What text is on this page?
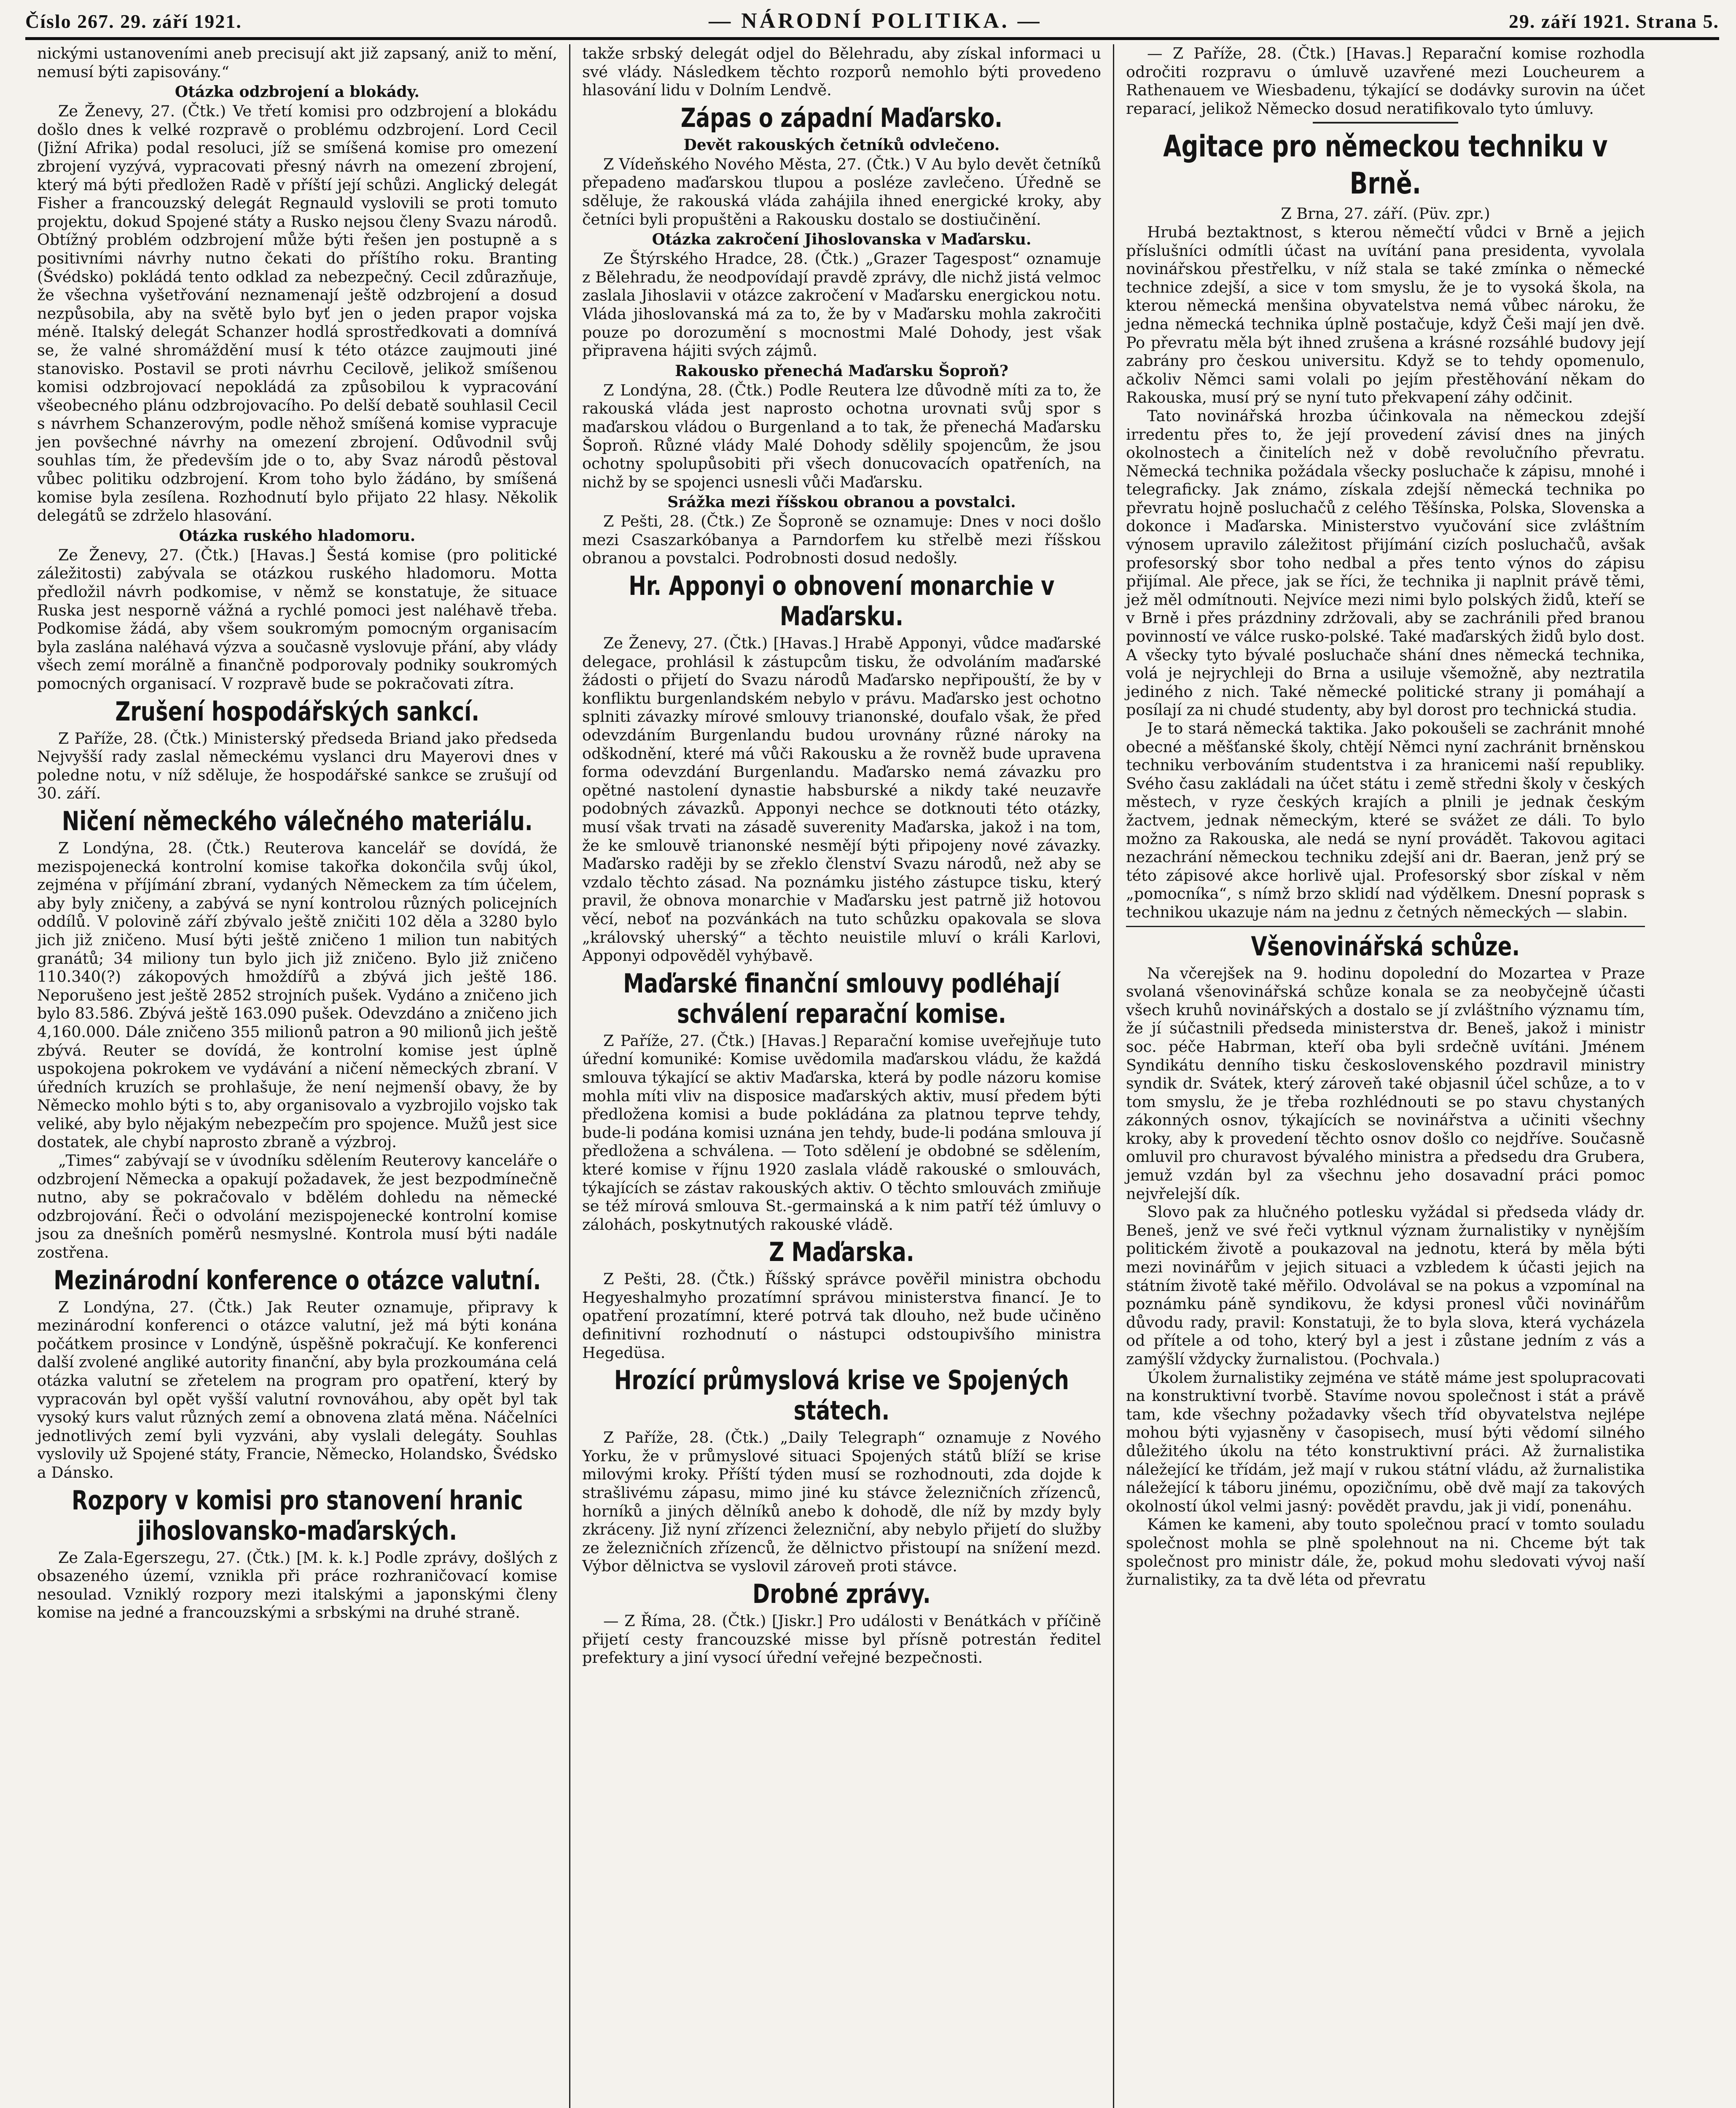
Číslo 267. 29. září 1921.	— NÁRODNÍ POLITIKA. —	29. září 1921. Strana 5.

nickými ustanoveními aneb precisují akt již zapsaný, aniž to mění, nemusí býti zapisovány.“

Otázka odzbrojení a blokády.

Ze Ženevy, 27. (Čtk.) Ve třetí komisi pro odzbrojení a blokádu došlo dnes k velké rozpravě o problému odzbrojení. Lord Cecil (Jižní Afrika) podal resoluci, jíž se smíšená komise pro omezení zbrojení vyzývá, vypracovati přesný návrh na omezení zbrojení, který má býti předložen Radě v příští její schůzi. Anglický delegát Fisher a francouzský delegát Regnauld vyslovili se proti tomuto projektu, dokud Spojené státy a Rusko nejsou členy Svazu národů. Obtížný problém odzbrojení může býti řešen jen postupně a s positivními návrhy nutno čekati do příštího roku. Branting (Švédsko) pokládá tento odklad za nebezpečný. Cecil zdůrazňuje, že všechna vyšetřování neznamenají ještě odzbrojení a dosud nezpůsobila, aby na světě bylo byť jen o jeden prapor vojska méně. Italský delegát Schanzer hodlá sprostředkovati a domnívá se, že valné shromáždění musí k této otázce zaujmouti jiné stanovisko. Postavil se proti návrhu Cecilově, jelikož smíšenou komisi odzbrojovací nepokládá za způsobilou k vypracování všeobecného plánu odzbrojovacího. Po delší debatě souhlasil Cecil s návrhem Schanzerovým, podle něhož smíšená komise vypracuje jen povšechné návrhy na omezení zbrojení. Odůvodnil svůj souhlas tím, že především jde o to, aby Svaz národů pěstoval vůbec politiku odzbrojení. Krom toho bylo žádáno, by smíšená komise byla zesílena. Rozhodnutí bylo přijato 22 hlasy. Několik delegátů se zdrželo hlasování.

Otázka ruského hladomoru.

Ze Ženevy, 27. (Čtk.) [Havas.] Šestá komise (pro politické záležitosti) zabývala se otázkou ruského hladomoru. Motta předložil návrh podkomise, v němž se konstatuje, že situace Ruska jest nesporně vážná a rychlé pomoci jest naléhavě třeba. Podkomise žádá, aby všem soukromým pomocným organisacím byla zaslána naléhavá výzva a současně vyslovuje přání, aby vlády všech zemí morálně a finančně podporovaly podniky soukromých pomocných organisací. V rozpravě bude se pokračovati zítra.

Zrušení hospodářských sankcí.

Z Paříže, 28. (Čtk.) Ministerský předseda Briand jako předseda Nejvyšší rady zaslal německému vyslanci dru Mayerovi dnes v poledne notu, v níž sděluje, že hospodářské sankce se zrušují od 30. září.

Ničení německého válečného materiálu.

Z Londýna, 28. (Čtk.) Reuterova kancelář se dovídá, že mezispojenecká kontrolní komise takořka dokončila svůj úkol, zejména v příjímání zbraní, vydaných Německem za tím účelem, aby byly zničeny, a zabývá se nyní kontrolou různých policejních oddílů. V polovině září zbývalo ještě zničiti 102 děla a 3280 bylo jich již zničeno. Musí býti ještě zničeno 1 milion tun nabitých granátů; 34 miliony tun bylo jich již zničeno. Bylo již zničeno 110.340(?) zákopových hmoždířů a zbývá jich ještě 186. Neporušeno jest ještě 2852 strojních pušek. Vydáno a zničeno jich bylo 83.586. Zbývá ještě 163.090 pušek. Odevzdáno a zničeno jich 4,160.000. Dále zničeno 355 milionů patron a 90 milionů jich ještě zbývá. Reuter se dovídá, že kontrolní komise jest úplně uspokojena pokrokem ve vydávání a ničení německých zbraní. V úředních kruzích se prohlašuje, že není nejmenší obavy, že by Německo mohlo býti s to, aby organisovalo a vyzbrojilo vojsko tak veliké, aby bylo nějakým nebezpečím pro spojence. Mužů jest sice dostatek, ale chybí naprosto zbraně a výzbroj.

„Times“ zabývají se v úvodníku sdělením Reuterovy kanceláře o odzbrojení Německa a opakují požadavek, že jest bezpodmínečně nutno, aby se pokračovalo v bdělém dohledu na německé odzbrojování. Řeči o odvolání mezispojenecké kontrolní komise jsou za dnešních poměrů nesmyslné. Kontrola musí býti nadále zostřena.

Mezinárodní konference o otázce valutní.

Z Londýna, 27. (Čtk.) Jak Reuter oznamuje, připravy k mezinárodní konferenci o otázce valutní, jež má býti konána počátkem prosince v Londýně, úspěšně pokračují. Ke konferenci další zvolené angliké autority finanční, aby byla prozkoumána celá otázka valutní se zřetelem na program pro opatření, který by vypracován byl opět vyšší valutní rovnováhou, aby opět byl tak vysoký kurs valut různých zemí a obnovena zlatá měna. Náčelníci jednotlivých zemí byli vyzváni, aby vyslali delegáty. Souhlas vyslovily už Spojené státy, Francie, Německo, Holandsko, Švédsko a Dánsko.

Rozpory v komisi pro stanovení hranic jihoslovansko-maďarských.

Ze Zala-Egerszegu, 27. (Čtk.) [M. k. k.] Podle zprávy, došlých z obsazeného území, vznikla při práce rozhraničovací komise nesoulad. Vzniklý rozpory mezi italskými a japonskými členy komise na jedné a francouzskými a srbskými na druhé straně.

takže srbský delegát odjel do Bělehradu, aby získal informaci u své vlády. Následkem těchto rozporů nemohlo býti provedeno hlasování lidu v Dolním Lendvě.

Zápas o západní Maďarsko.
Devět rakouských četníků odvlečeno.

Z Vídeňského Nového Města, 27. (Čtk.) V Au bylo devět četníků přepadeno maďarskou tlupou a posléze zavlečeno. Úředně se sděluje, že rakouská vláda zahájila ihned energické kroky, aby četníci byli propuštěni a Rakousku dostalo se dostiučinění.

Otázka zakročení Jihoslovanska v Maďarsku.

Ze Štýrského Hradce, 28. (Čtk.) „Grazer Tagespost“ oznamuje z Bělehradu, že neodpovídají pravdě zprávy, dle nichž jistá velmoc zaslala Jihoslavii v otázce zakročení v Maďarsku energickou notu. Vláda jihoslovanská má za to, že by v Maďarsku mohla zakročiti pouze po dorozumění s mocnostmi Malé Dohody, jest však připravena hájiti svých zájmů.

Rakousko přenechá Maďarsku Šoproň?

Z Londýna, 28. (Čtk.) Podle Reutera lze důvodně míti za to, že rakouská vláda jest naprosto ochotna urovnati svůj spor s maďarskou vládou o Burgenland a to tak, že přenechá Maďarsku Šoproň. Různé vlády Malé Dohody sdělily spojencům, že jsou ochotny spolupůsobiti při všech donucovacích opatřeních, na nichž by se spojenci usnesli vůči Maďarsku.

Srážka mezi říšskou obranou a povstalci.

Z Pešti, 28. (Čtk.) Ze Šoproně se oznamuje: Dnes v noci došlo mezi Csaszarkóbanya a Parndorfem ku střelbě mezi říšskou obranou a povstalci. Podrobnosti dosud nedošly.

Hr. Apponyi o obnovení monarchie v Maďarsku.

Ze Ženevy, 27. (Čtk.) [Havas.] Hrabě Apponyi, vůdce maďarské delegace, prohlásil k zástupcům tisku, že odvoláním maďarské žádosti o přijetí do Svazu národů Maďarsko nepřipouští, že by v konfliktu burgenlandském nebylo v právu. Maďarsko jest ochotno splniti závazky mírové smlouvy trianonské, doufalo však, že před odevzdáním Burgenlandu budou urovnány různé nároky na odškodnění, které má vůči Rakousku a že rovněž bude upravena forma odevzdání Burgenlandu. Maďarsko nemá závazku pro opětné nastolení dynastie habsburské a nikdy také neuzavře podobných závazků. Apponyi nechce se dotknouti této otázky, musí však trvati na zásadě suverenity Maďarska, jakož i na tom, že ke smlouvě trianonské nesmějí býti připojeny nové závazky. Maďarsko raději by se zřeklo členství Svazu národů, než aby se vzdalo těchto zásad. Na poznámku jistého zástupce tisku, který pravil, že obnova monarchie v Maďarsku jest patrně již hotovou věcí, neboť na pozvánkách na tuto schůzku opakovala se slova „královský uherský“ a těchto neuistile mluví o králi Karlovi, Apponyi odpověděl vyhýbavě.

Maďarské finanční smlouvy podléhají schválení reparační komise.

Z Paříže, 27. (Čtk.) [Havas.] Reparační komise uveřejňuje tuto úřední komuniké: Komise uvědomila maďarskou vládu, že každá smlouva týkající se aktiv Maďarska, která by podle názoru komise mohla míti vliv na disposice maďarských aktiv, musí předem býti předložena komisi a bude pokládána za platnou teprve tehdy, bude-li podána komisi uznána jen tehdy, bude-li podána smlouva jí předložena a schválena. — Toto sdělení je obdobné se sdělením, které komise v říjnu 1920 zaslala vládě rakouské o smlouvách, týkajících se zástav rakouských aktiv. O těchto smlouvách zmiňuje se též mírová smlouva St.-germainská a k nim patří též úmluvy o zálohách, poskytnutých rakouské vládě.

Z Maďarska.

Z Pešti, 28. (Čtk.) Říšský správce pověřil ministra obchodu Hegyeshalmyho prozatímní správou ministerstva financí. Je to opatření prozatímní, které potrvá tak dlouho, než bude učiněno definitivní rozhodnutí o nástupci odstoupivšího ministra Hegedüsa.

Hrozící průmyslová krise ve Spojených státech.

Z Paříže, 28. (Čtk.) „Daily Telegraph“ oznamuje z Nového Yorku, že v průmyslové situaci Spojených států blíží se krise milovými kroky. Příští týden musí se rozhodnouti, zda dojde k strašlivému zápasu, mimo jiné ku stávce železničních zřízenců, horníků a jiných dělníků anebo k dohodě, dle níž by mzdy byly zkráceny. Již nyní zřízenci železniční, aby nebylo přijetí do služby ze železničních zřízenců, že dělnictvo přistoupí na snížení mezd. Výbor dělnictva se vyslovil zároveň proti stávce.

Drobné zprávy.

— Z Říma, 28. (Čtk.) [Jiskr.] Pro události v Benátkách v příčině přijetí cesty francouzské misse byl přísně potrestán ředitel prefektury a jiní vysocí úřední veřejné bezpečnosti.

— Z Paříže, 28. (Čtk.) [Havas.] Reparační komise rozhodla odročiti rozpravu o úmluvě uzavřené mezi Loucheurem a Rathenauem ve Wiesbadenu, týkající se dodávky surovin na účet reparací, jelikož Německo dosud neratifikovalo tyto úmluvy.

Agitace pro německou techniku v Brně.

Z Brna, 27. září. (Püv. zpr.)

Hrubá beztaktnost, s kterou němečtí vůdci v Brně a jejich příslušníci odmítli účast na uvítání pana presidenta, vyvolala novinářskou přestřelku, v níž stala se také zmínka o německé technice zdejší, a sice v tom smyslu, že je to vysoká škola, na kterou německá menšina obyvatelstva nemá vůbec nároku, že jedna německá technika úplně postačuje, když Češi mají jen dvě. Po převratu měla být ihned zrušena a krásné rozsáhlé budovy její zabrány pro českou universitu. Když se to tehdy opomenulo, ačkoliv Němci sami volali po jejím přestěhování někam do Rakouska, musí prý se nyní tuto překvapení záhy odčinit.

Tato novinářská hrozba účinkovala na německou zdejší irredentu přes to, že její provedení závisí dnes na jiných okolnostech a činitelích než v době revolučního převratu. Německá technika požádala všecky posluchače k zápisu, mnohé i telegraficky. Jak známo, získala zdejší německá technika po převratu hojně posluchačů z celého Těšínska, Polska, Slovenska a dokonce i Maďarska. Ministerstvo vyučování sice zvláštním výnosem upravilo záležitost přijímání cizích posluchačů, avšak profesorský sbor toho nedbal a přes tento výnos do zápisu přijímal. Ale přece, jak se říci, že technika ji naplnit právě těmi, jež měl odmítnouti. Nejvíce mezi nimi bylo polských židů, kteří se v Brně i přes prázdniny zdržovali, aby se zachránili před branou povinností ve válce rusko-polské. Také maďarských židů bylo dost. A všecky tyto bývalé posluchače shání dnes německá technika, volá je nejrychleji do Brna a usiluje všemožně, aby neztratila jediného z nich. Také německé politické strany ji pomáhají a posílají za ni chudé studenty, aby byl dorost pro technická studia.

Je to stará německá taktika. Jako pokoušeli se zachránit mnohé obecné a měšťanské školy, chtějí Němci nyní zachránit brněnskou techniku verbováním studentstva i za hranicemi naší republiky. Svého času zakládali na účet státu i země středni školy v českých městech, v ryze českých krajích a plnili je jednak českým žactvem, jednak německým, které se svážet ze dáli. To bylo možno za Rakouska, ale nedá se nyní provádět. Takovou agitaci nezachrání německou techniku zdejší ani dr. Baeran, jenž prý se této zápisové akce horlivě ujal. Profesorský sbor získal v něm „pomocníka“, s nímž brzo sklidí nad výdělkem. Dnesní poprask s technikou ukazuje nám na jednu z četných německých — slabin.

Všenovinářská schůze.

Na včerejšek na 9. hodinu dopolední do Mozartea v Praze svolaná všenovinářská schůze konala se za neobyčejně účasti všech kruhů novinářských a dostalo se jí zvláštního významu tím, že jí súčastnili předseda ministerstva dr. Beneš, jakož i ministr soc. péče Habrman, kteří oba byli srdečně uvítáni. Jménem Syndikátu denního tisku československého pozdravil ministry syndik dr. Svátek, který zároveň také objasnil účel schůze, a to v tom smyslu, že je třeba rozhlédnouti se po stavu chystaných zákonných osnov, týkajících se novinářstva a učiniti všechny kroky, aby k provedení těchto osnov došlo co nejdříve. Současně omluvil pro churavost bývalého ministra a předsedu dra Grubera, jemuž vzdán byl za všechnu jeho dosavadní práci pomoc nejvřelejší dík.

Slovo pak za hlučného potlesku vyžádal si předseda vlády dr. Beneš, jenž ve své řeči vytknul význam žurnalistiky v nynějším politickém životě a poukazoval na jednotu, která by měla býti mezi novinářům v jejich situaci a vzbledem k účasti jejich na státním životě také měřilo. Odvolával se na pokus a vzpomínal na poznámku páně syndikovu, že kdysi pronesl vůči novinářům důvodu rady, pravil: Konstatuji, že to byla slova, která vycházela od přítele a od toho, který byl a jest i zůstane jedním z vás a zamýšlí vždycky žurnalistou. (Pochvala.)

Úkolem žurnalistiky zejména ve státě máme jest spolupracovati na konstruktivní tvorbě. Stavíme novou společnost i stát a právě tam, kde všechny požadavky všech tříd obyvatelstva nejlépe mohou býti vyjasněny v časopisech, musí býti vědomí silného důležitého úkolu na této konstruktivní práci. Až žurnalistika náležející ke třídám, jež mají v rukou státní vládu, až žurnalistika náležející k táboru jinému, opozičnímu, obě dvě mají za takových okolností úkol velmi jasný: povědět pravdu, jak ji vidí, ponenáhu.

Kámen ke kameni, aby touto společnou prací v tomto souladu společnost mohla se plně spolehnout na ni. Chceme být tak společnost pro ministr dále, že, pokud mohu sledovati vývoj naší žurnalistiky, za ta dvě léta od převratu
